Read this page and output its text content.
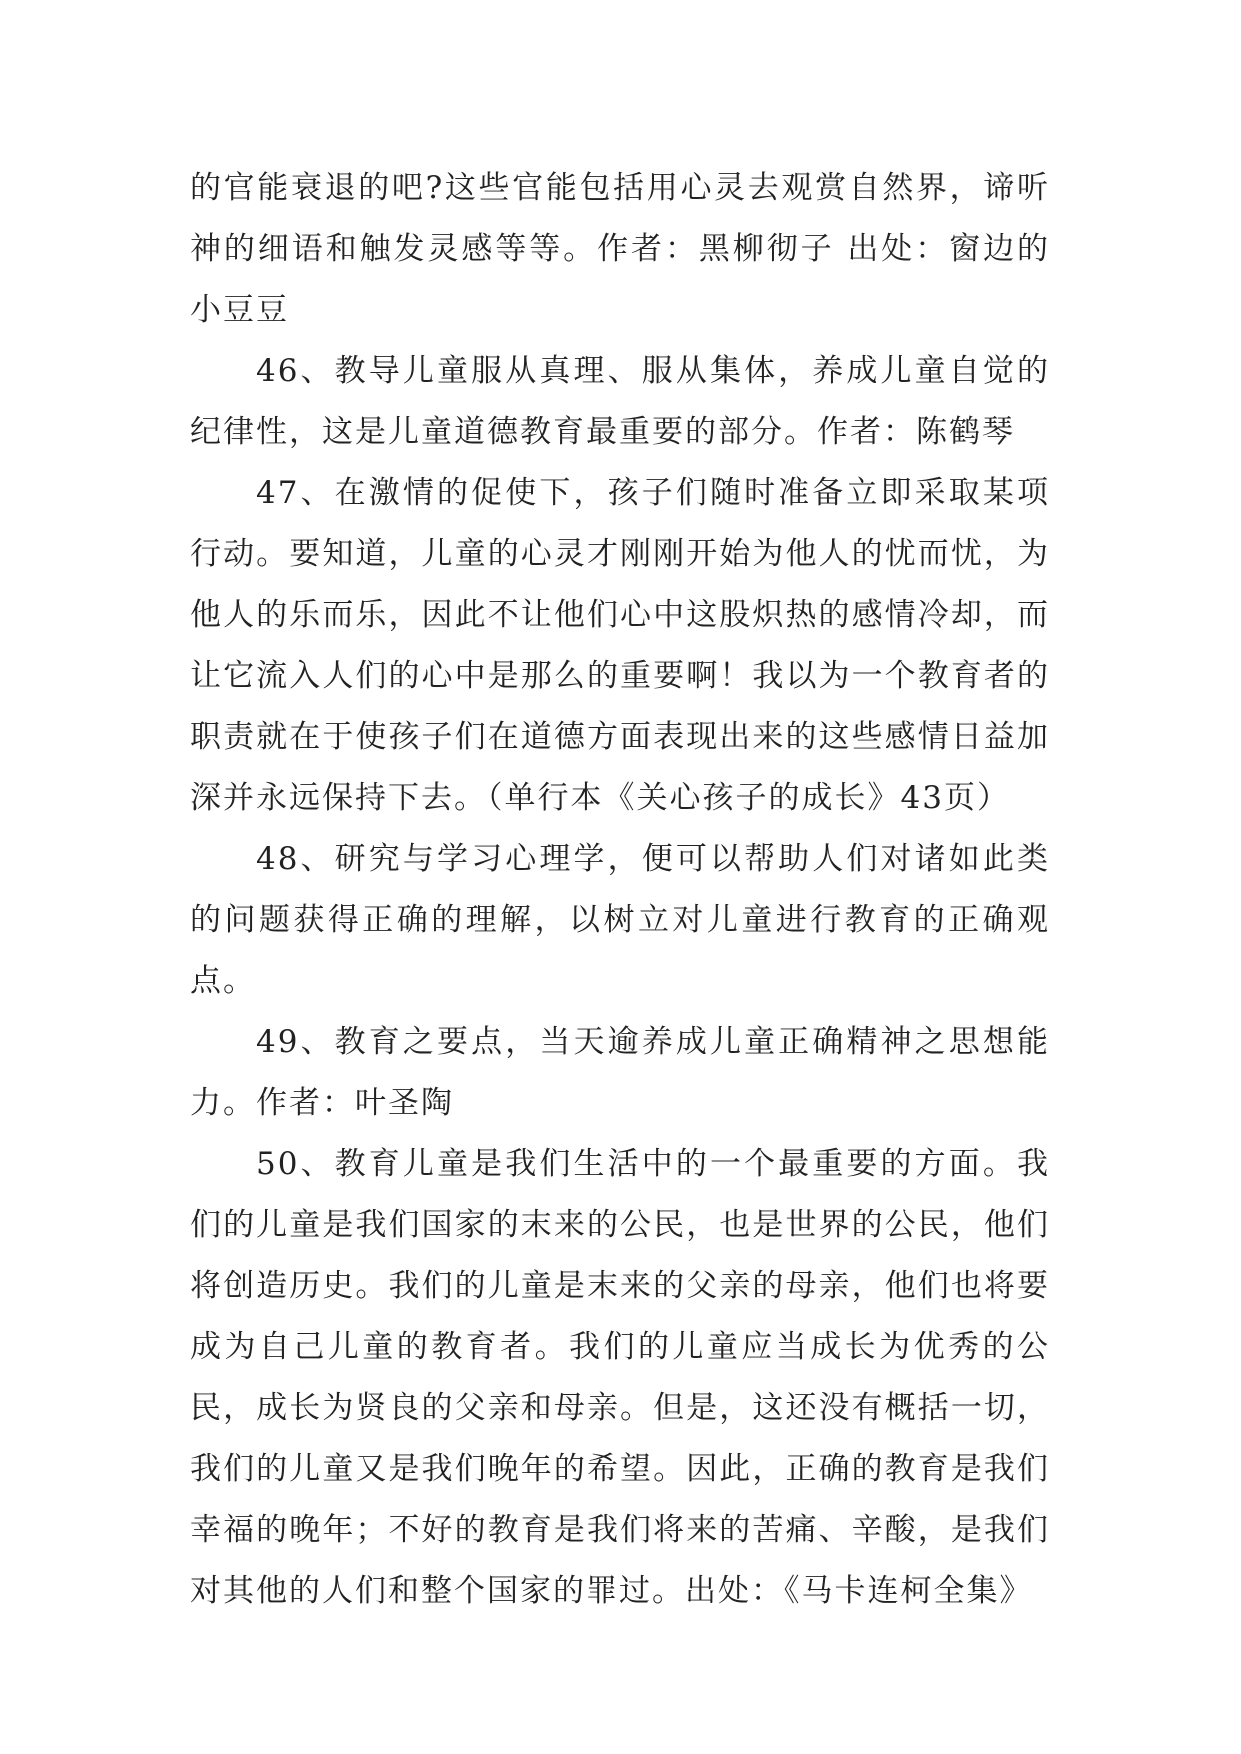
的官能衰退的吧?这些官能包括用心灵去观赏自然界，谛听神的细语和触发灵感等等。作者：黑柳彻子 出处：窗边的小豆豆

46、教导儿童服从真理、服从集体，养成儿童自觉的纪律性，这是儿童道德教育最重要的部分。作者：陈鹤琴

47、在激情的促使下，孩子们随时准备立即采取某项行动。要知道，儿童的心灵才刚刚开始为他人的忧而忧，为他人的乐而乐，因此不让他们心中这股炽热的感情冷却，而让它流入人们的心中是那么的重要啊！我以为一个教育者的职责就在于使孩子们在道德方面表现出来的这些感情日益加深并永远保持下去。（单行本《关心孩子的成长》43页）

48、研究与学习心理学，便可以帮助人们对诸如此类的问题获得正确的理解，以树立对儿童进行教育的正确观点。

49、教育之要点，当天逾养成儿童正确精神之思想能力。作者：叶圣陶

50、教育儿童是我们生活中的一个最重要的方面。我们的儿童是我们国家的末来的公民，也是世界的公民，他们将创造历史。我们的儿童是末来的父亲的母亲，他们也将要成为自己儿童的教育者。我们的儿童应当成长为优秀的公民，成长为贤良的父亲和母亲。但是，这还没有概括一切，我们的儿童又是我们晚年的希望。因此，正确的教育是我们幸福的晚年；不好的教育是我们将来的苦痛、辛酸，是我们对其他的人们和整个国家的罪过。出处：《马卡连柯全集》
